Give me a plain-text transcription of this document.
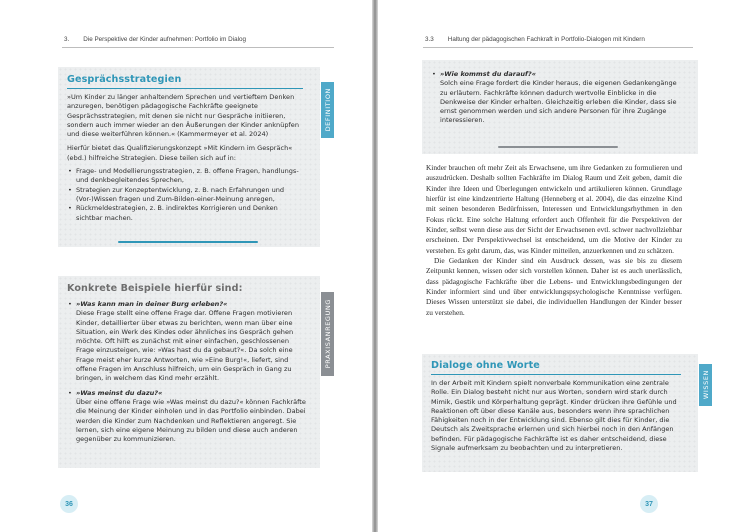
3. Die Perspektive der Kinder aufnehmen: Portfolio im Dialog
Gesprächsstrategien

»Um Kinder zu länger anhaltendem Sprechen und vertieftem Denken anzuregen, benötigen pädagogische Fachkräfte geeignete Gesprächsstrategien, mit denen sie nicht nur Gespräche initiieren, sondern auch immer wieder an den Äußerungen der Kinder anknüpfen und diese weiterführen können.« (Kammermeyer et al. 2024)

Hierfür bietet das Qualifizierungskonzept »Mit Kindern im Gespräch« (ebd.) hilfreiche Strategien. Diese teilen sich auf in:

• Frage- und Modellierungsstrategien, z. B. offene Fragen, handlungs- und denkbegleitendes Sprechen,
• Strategien zur Konzeptentwicklung, z. B. nach Erfahrungen und (Vor-)Wissen fragen und Zum-Bilden-einer-Meinung anregen,
• Rückmeldestrategien, z. B. indirektes Korrigieren und Denken sichtbar machen.
DEFINITION
Konkrete Beispiele hierfür sind:
• »Was kann man in deiner Burg erleben?«
Diese Frage stellt eine offene Frage dar. Offene Fragen motivieren Kinder, detaillierter über etwas zu berichten, wenn man über eine Situation, ein Werk des Kindes oder ähnliches ins Gespräch gehen möchte. Oft hilft es zunächst mit einer einfachen, geschlossenen Frage einzusteigen, wie: »Was hast du da gebaut?«. Da solch eine Frage meist eher kurze Antworten, wie »Eine Burg!«, liefert, sind offene Fragen im Anschluss hilfreich, um ein Gespräch in Gang zu bringen, in welchem das Kind mehr erzählt.
• »Was meinst du dazu?«
Über eine offene Frage wie »Was meinst du dazu?« können Fachkräfte die Meinung der Kinder einholen und in das Portfolio einbinden. Dabei werden die Kinder zum Nachdenken und Reflektieren angeregt. Sie lernen, sich eine eigene Meinung zu bilden und diese auch anderen gegenüber zu kommunizieren.
PRAXISANREGUNG
36
3.3 Haltung der pädagogischen Fachkraft in Portfolio-Dialogen mit Kindern
• »Wie kommst du darauf?«
Solch eine Frage fordert die Kinder heraus, die eigenen Gedankengänge zu erläutern. Fachkräfte können dadurch wertvolle Einblicke in die Denkweise der Kinder erhalten. Gleichzeitig erleben die Kinder, dass sie ernst genommen werden und sich andere Personen für ihre Zugänge interessieren.

Kinder brauchen oft mehr Zeit als Erwachsene, um ihre Gedanken zu formulieren und auszudrücken. Deshalb sollten Fachkräfte im Dialog Raum und Zeit geben, damit die Kinder ihre Ideen und Überlegungen entwickeln und artikulieren können. Grundlage hierfür ist eine kindzentrierte Haltung (Henneberg et al. 2004), die das einzelne Kind mit seinen besonderen Bedürfnissen, Interessen und Entwicklungsrhythmen in den Fokus rückt. Eine solche Haltung erfordert auch Offenheit für die Perspektiven der Kinder, selbst wenn diese aus der Sicht der Erwachsenen evtl. schwer nachvollziehbar erscheinen. Der Perspektivwechsel ist entscheidend, um die Motive der Kinder zu verstehen. Es geht darum, das, was Kinder mitteilen, anzuerkennen und zu schätzen.

Die Gedanken der Kinder sind ein Ausdruck dessen, was sie bis zu diesem Zeitpunkt kennen, wissen oder sich vorstellen können. Daher ist es auch unerlässlich, dass pädagogische Fachkräfte über die Lebens- und Entwicklungsbedingungen der Kinder informiert sind und über entwicklungspsychologische Kenntnisse verfügen. Dieses Wissen unterstützt sie dabei, die individuellen Handlungen der Kinder besser zu verstehen.

Dialoge ohne Worte

In der Arbeit mit Kindern spielt nonverbale Kommunikation eine zentrale Rolle. Ein Dialog besteht nicht nur aus Worten, sondern wird stark durch Mimik, Gestik und Körperhaltung geprägt. Kinder drücken ihre Gefühle und Reaktionen oft über diese Kanäle aus, besonders wenn ihre sprachlichen Fähigkeiten noch in der Entwicklung sind. Ebenso gilt dies für Kinder, die Deutsch als Zweitsprache erlernen und sich hierbei noch in den Anfängen befinden. Für pädagogische Fachkräfte ist es daher entscheidend, diese Signale aufmerksam zu beobachten und zu interpretieren.

WISSEN
37
